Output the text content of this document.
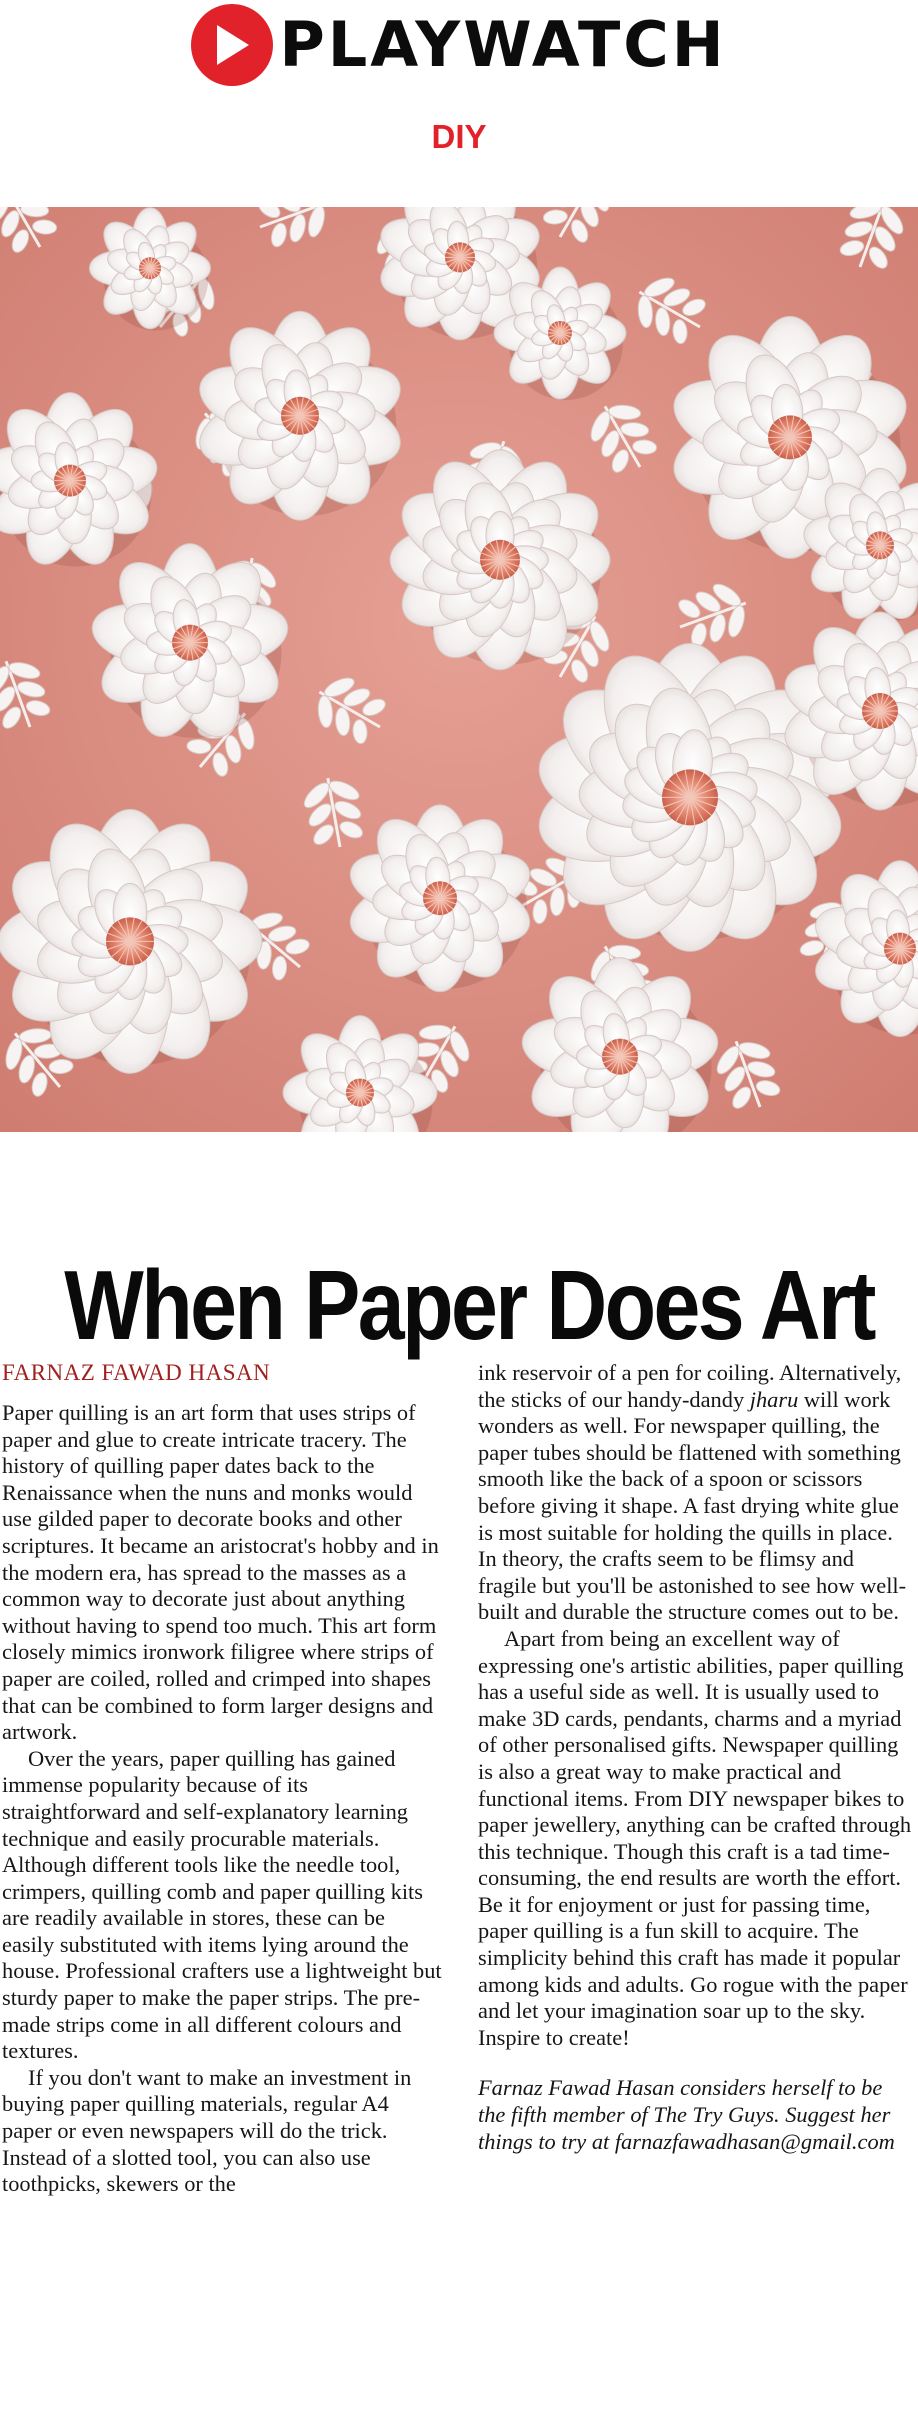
PLAYWATCH
DIY
When Paper Does Art
FARNAZ FAWAD HASAN

Paper quilling is an art form that uses strips of paper and glue to create intricate tracery. The history of quilling paper dates back to the Renaissance when the nuns and monks would use gilded paper to decorate books and other scriptures. It became an aristocrat's hobby and in the modern era, has spread to the masses as a common way to decorate just about anything without having to spend too much. This art form closely mimics ironwork filigree where strips of paper are coiled, rolled and crimped into shapes that can be combined to form larger designs and artwork.

Over the years, paper quilling has gained immense popularity because of its straightforward and self-explanatory learning technique and easily procurable materials. Although different tools like the needle tool, crimpers, quilling comb and paper quilling kits are readily available in stores, these can be easily substituted with items lying around the house. Professional crafters use a lightweight but sturdy paper to make the paper strips. The pre-made strips come in all different colours and textures.

If you don't want to make an investment in buying paper quilling materials, regular A4 paper or even newspapers will do the trick. Instead of a slotted tool, you can also use toothpicks, skewers or the

ink reservoir of a pen for coiling. Alternatively, the sticks of our handy-dandy jharu will work wonders as well. For newspaper quilling, the paper tubes should be flattened with something smooth like the back of a spoon or scissors before giving it shape. A fast drying white glue is most suitable for holding the quills in place. In theory, the crafts seem to be flimsy and fragile but you'll be astonished to see how well-built and durable the structure comes out to be.

Apart from being an excellent way of expressing one's artistic abilities, paper quilling has a useful side as well. It is usually used to make 3D cards, pendants, charms and a myriad of other personalised gifts. Newspaper quilling is also a great way to make practical and functional items. From DIY newspaper bikes to paper jewellery, anything can be crafted through this technique. Though this craft is a tad time-consuming, the end results are worth the effort. Be it for enjoyment or just for passing time, paper quilling is a fun skill to acquire. The simplicity behind this craft has made it popular among kids and adults. Go rogue with the paper and let your imagination soar up to the sky. Inspire to create!

Farnaz Fawad Hasan considers herself to be the fifth member of The Try Guys. Suggest her things to try at farnazfawadhasan@gmail.com
